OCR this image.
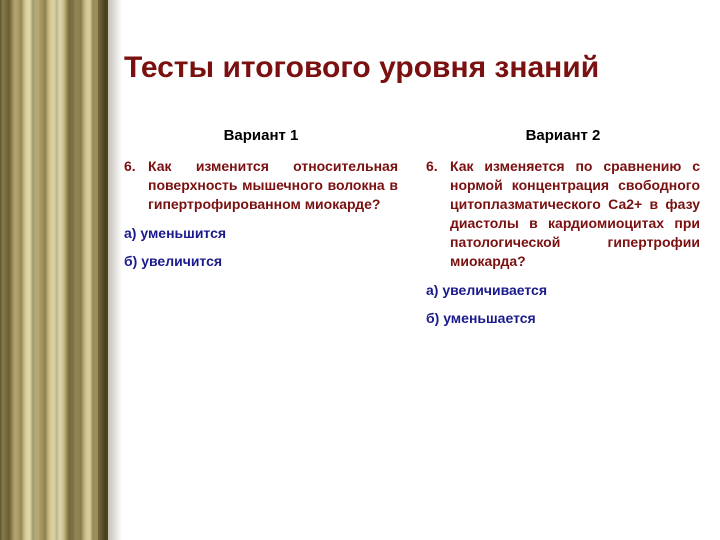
Тесты итогового уровня знаний
Вариант 1
6. Как изменится относительная поверхность мышечного волокна в гипертрофированном миокарде?
а) уменьшится
б) увеличится
Вариант 2
6. Как изменяется по сравнению с нормой концентрация свободного цитоплазматического Са2+ в фазу диастолы в кардиомиоцитах при патологической гипертрофии миокарда?
а) увеличивается
б) уменьшается
